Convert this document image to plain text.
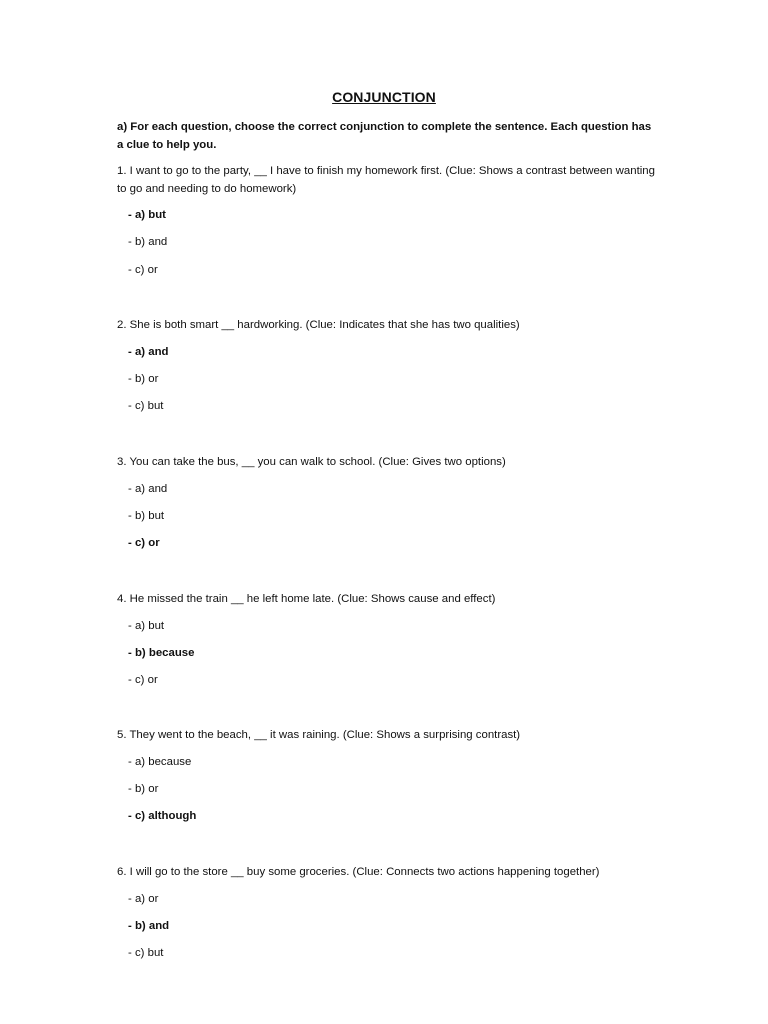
CONJUNCTION
a) For each question, choose the correct conjunction to complete the sentence. Each question has a clue to help you.

1. I want to go to the party, __ I have to finish my homework first. (Clue: Shows a contrast between wanting to go and needing to do homework)

- a) but
- b) and
- c) or

2. She is both smart __ hardworking. (Clue: Indicates that she has two qualities)

- a) and
- b) or
- c) but

3. You can take the bus, __ you can walk to school. (Clue: Gives two options)

- a) and
- b) but
- c) or

4. He missed the train __ he left home late. (Clue: Shows cause and effect)

- a) but
- b) because
- c) or

5. They went to the beach, __ it was raining. (Clue: Shows a surprising contrast)

- a) because
- b) or
- c) although

6. I will go to the store __ buy some groceries. (Clue: Connects two actions happening together)

- a) or
- b) and
- c) but
